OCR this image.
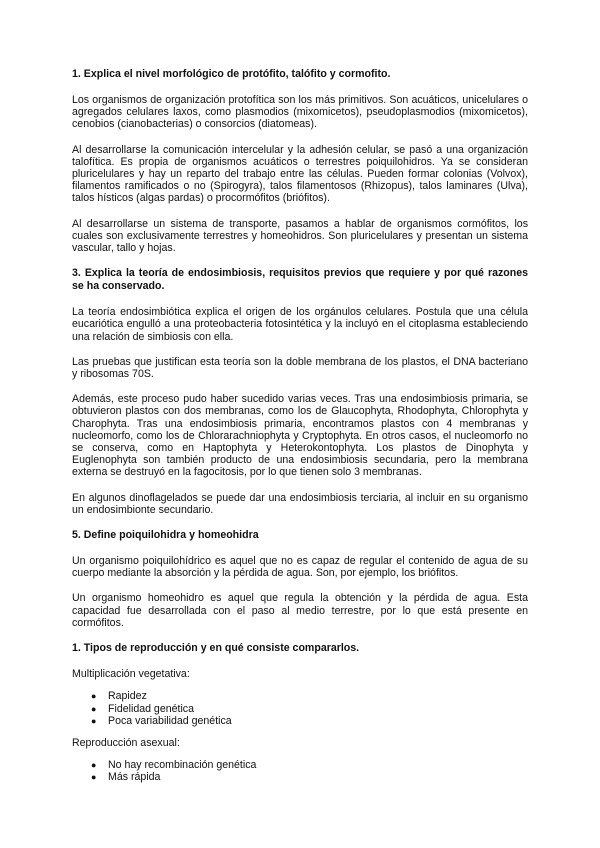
1. Explica el nivel morfológico de protófito, talófito y cormofito.

Los organismos de organización protofítica son los más primitivos. Son acuáticos, unicelulares o agregados celulares laxos, como plasmodios (mixomicetos), pseudoplasmodios (mixomicetos), cenobios (cianobacterias) o consorcios (diatomeas).

Al desarrollarse la comunicación intercelular y la adhesión celular, se pasó a una organización talofítica. Es propia de organismos acuáticos o terrestres poiquilohidros. Ya se consideran pluricelulares y hay un reparto del trabajo entre las células. Pueden formar colonias (Volvox), filamentos ramificados o no (Spirogyra), talos filamentosos (Rhizopus), talos laminares (Ulva), talos hísticos (algas pardas) o procormófitos (briófitos).

Al desarrollarse un sistema de transporte, pasamos a hablar de organismos cormófitos, los cuales son exclusivamente terrestres y homeohidros. Son pluricelulares y presentan un sistema vascular, tallo y hojas.

3. Explica la teoría de endosimbiosis, requisitos previos que requiere y por qué razones se ha conservado.

La teoría endosimbiótica explica el origen de los orgánulos celulares. Postula que una célula eucariótica engulló a una proteobacteria fotosintética y la incluyó en el citoplasma estableciendo una relación de simbiosis con ella.

Las pruebas que justifican esta teoría son la doble membrana de los plastos, el DNA bacteriano y ribosomas 70S.

Además, este proceso pudo haber sucedido varias veces. Tras una endosimbiosis primaria, se obtuvieron plastos con dos membranas, como los de Glaucophyta, Rhodophyta, Chlorophyta y Charophyta. Tras una endosimbiosis primaria, encontramos plastos con 4 membranas y nucleomorfo, como los de Chlorarachniophyta y Cryptophyta. En otros casos, el nucleomorfo no se conserva, como en Haptophyta y Heterokontophyta. Los plastos de Dinophyta y Euglenophyta son también producto de una endosimbiosis secundaria, pero la membrana externa se destruyó en la fagocitosis, por lo que tienen solo 3 membranas.

En algunos dinoflagelados se puede dar una endosimbiosis terciaria, al incluir en su organismo un endosimbionte secundario.

5. Define poiquilohidra y homeohidra

Un organismo poiquilohídrico es aquel que no es capaz de regular el contenido de agua de su cuerpo mediante la absorción y la pérdida de agua. Son, por ejemplo, los briófitos.

Un organismo homeohidro es aquel que regula la obtención y la pérdida de agua. Esta capacidad fue desarrollada con el paso al medio terrestre, por lo que está presente en cormófitos.

1. Tipos de reproducción y en qué consiste compararlos.

Multiplicación vegetativa:

● Rapidez
● Fidelidad genética
● Poca variabilidad genética

Reproducción asexual:

● No hay recombinación genética
● Más rápida
